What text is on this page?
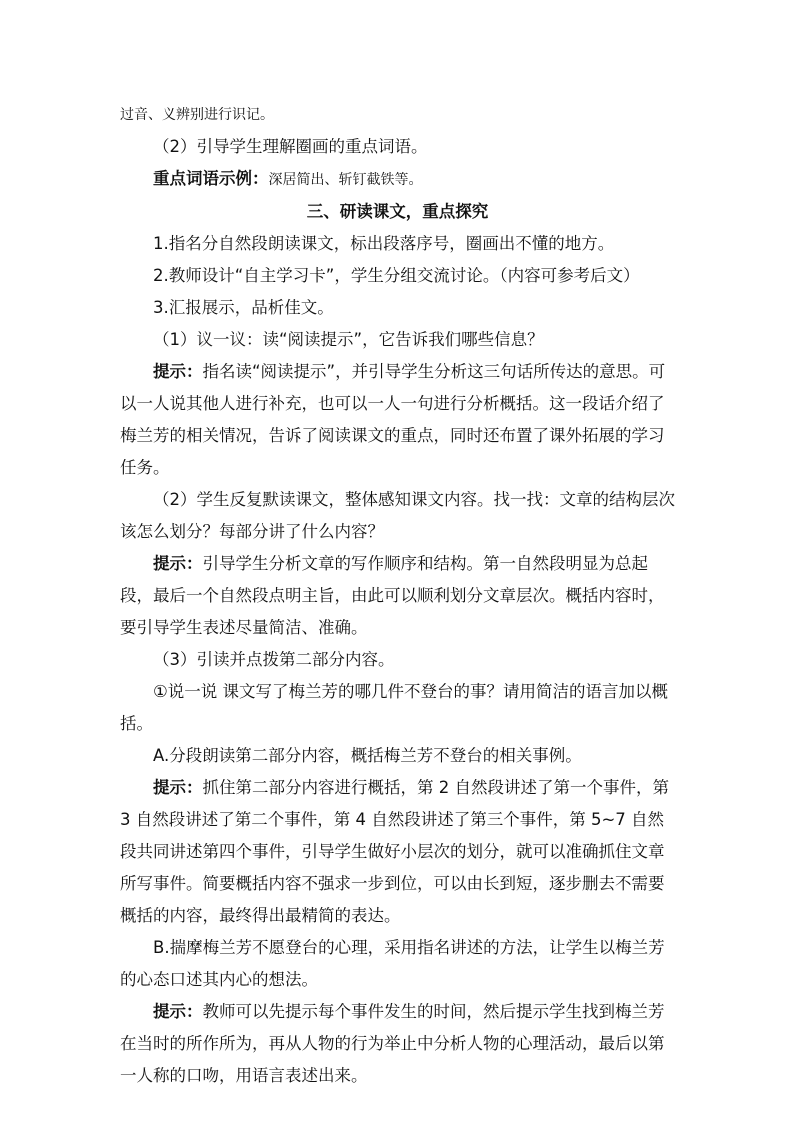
过音、义辨别进行识记。

（2）引导学生理解圈画的重点词语。

重点词语示例：深居简出、斩钉截铁等。

三、研读课文，重点探究

1.指名分自然段朗读课文，标出段落序号，圈画出不懂的地方。

2.教师设计“自主学习卡”，学生分组交流讨论。（内容可参考后文）

3.汇报展示，品析佳文。

（1）议一议：读“阅读提示”，它告诉我们哪些信息？

提示：指名读“阅读提示”，并引导学生分析这三句话所传达的意思。可以一人说其他人进行补充，也可以一人一句进行分析概括。这一段话介绍了梅兰芳的相关情况，告诉了阅读课文的重点，同时还布置了课外拓展的学习任务。

（2）学生反复默读课文，整体感知课文内容。找一找：文章的结构层次该怎么划分？每部分讲了什么内容？

提示：引导学生分析文章的写作顺序和结构。第一自然段明显为总起段，最后一个自然段点明主旨，由此可以顺利划分文章层次。概括内容时，要引导学生表述尽量简洁、准确。

（3）引读并点拨第二部分内容。

①说一说 课文写了梅兰芳的哪几件不登台的事？请用简洁的语言加以概括。

A.分段朗读第二部分内容，概括梅兰芳不登台的相关事例。

提示：抓住第二部分内容进行概括，第 2 自然段讲述了第一个事件，第 3 自然段讲述了第二个事件，第 4 自然段讲述了第三个事件，第 5~7 自然段共同讲述第四个事件，引导学生做好小层次的划分，就可以准确抓住文章所写事件。简要概括内容不强求一步到位，可以由长到短，逐步删去不需要概括的内容，最终得出最精简的表达。

B.揣摩梅兰芳不愿登台的心理，采用指名讲述的方法，让学生以梅兰芳的心态口述其内心的想法。

提示：教师可以先提示每个事件发生的时间，然后提示学生找到梅兰芳在当时的所作所为，再从人物的行为举止中分析人物的心理活动，最后以第一人称的口吻，用语言表述出来。
